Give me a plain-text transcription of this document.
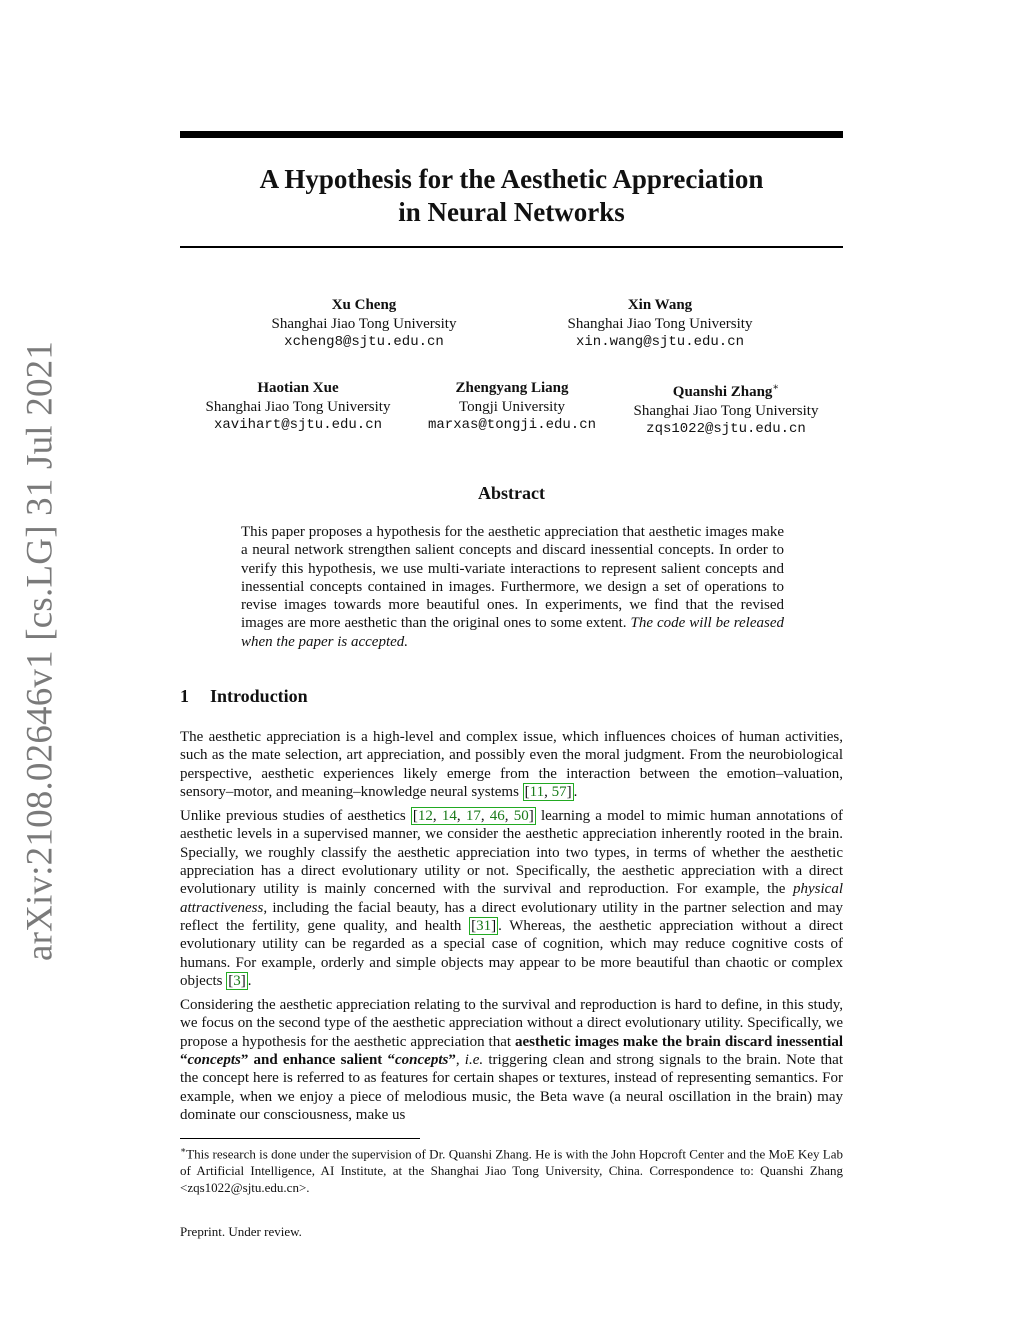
arXiv:2108.02646v1 [cs.LG] 31 Jul 2021
A Hypothesis for the Aesthetic Appreciation
in Neural Networks
Xu Cheng
Shanghai Jiao Tong University
xcheng8@sjtu.edu.cn
Xin Wang
Shanghai Jiao Tong University
xin.wang@sjtu.edu.cn
Haotian Xue
Shanghai Jiao Tong University
xavihart@sjtu.edu.cn
Zhengyang Liang
Tongji University
marxas@tongji.edu.cn
Quanshi Zhang∗
Shanghai Jiao Tong University
zqs1022@sjtu.edu.cn
Abstract

This paper proposes a hypothesis for the aesthetic appreciation that aesthetic images make a neural network strengthen salient concepts and discard inessential concepts. In order to verify this hypothesis, we use multi-variate interactions to represent salient concepts and inessential concepts contained in images. Furthermore, we design a set of operations to revise images towards more beautiful ones. In experiments, we find that the revised images are more aesthetic than the original ones to some extent. The code will be released when the paper is accepted.

1 Introduction

The aesthetic appreciation is a high-level and complex issue, which influences choices of human activities, such as the mate selection, art appreciation, and possibly even the moral judgment. From the neurobiological perspective, aesthetic experiences likely emerge from the interaction between the emotion–valuation, sensory–motor, and meaning–knowledge neural systems [11, 57] .

Unlike previous studies of aesthetics [12, 14, 17, 46, 50] learning a model to mimic human annotations of aesthetic levels in a supervised manner, we consider the aesthetic appreciation inherently rooted in the brain. Specially, we roughly classify the aesthetic appreciation into two types, in terms of whether the aesthetic appreciation has a direct evolutionary utility or not. Specifically, the aesthetic appreciation with a direct evolutionary utility is mainly concerned with the survival and reproduction. For example, the physical attractiveness, including the facial beauty, has a direct evolutionary utility in the partner selection and may reflect the fertility, gene quality, and health [31] . Whereas, the aesthetic appreciation without a direct evolutionary utility can be regarded as a special case of cognition, which may reduce cognitive costs of humans. For example, orderly and simple objects may appear to be more beautiful than chaotic or complex objects [3] .

Considering the aesthetic appreciation relating to the survival and reproduction is hard to define, in this study, we focus on the second type of the aesthetic appreciation without a direct evolutionary utility. Specifically, we propose a hypothesis for the aesthetic appreciation that aesthetic images make the brain discard inessential “concepts” and enhance salient “concepts”, i.e. triggering clean and strong signals to the brain. Note that the concept here is referred to as features for certain shapes or textures, instead of representing semantics. For example, when we enjoy a piece of melodious music, the Beta wave (a neural oscillation in the brain) may dominate our consciousness, make us

∗This research is done under the supervision of Dr. Quanshi Zhang. He is with the John Hopcroft Center and the MoE Key Lab of Artificial Intelligence, AI Institute, at the Shanghai Jiao Tong University, China. Correspondence to: Quanshi Zhang <zqs1022@sjtu.edu.cn>.

Preprint. Under review.
